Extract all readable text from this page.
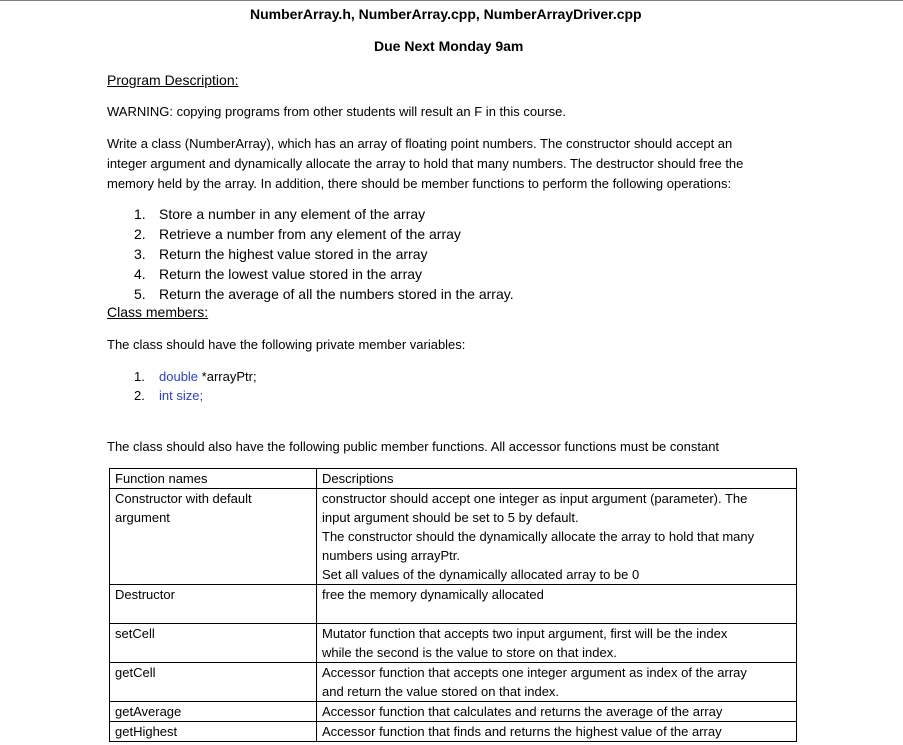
NumberArray.h, NumberArray.cpp, NumberArrayDriver.cpp
Due Next Monday 9am
Program Description:
WARNING: copying programs from other students will result an F in this course.
Write a class (NumberArray), which has an array of floating point numbers. The constructor should accept an
integer argument and dynamically allocate the array to hold that many numbers. The destructor should free the
memory held by the array. In addition, there should be member functions to perform the following operations:
1. Store a number in any element of the array
2. Retrieve a number from any element of the array
3. Return the highest value stored in the array
4. Return the lowest value stored in the array
5. Return the average of all the numbers stored in the array.
Class members:
The class should have the following private member variables:
1. double *arrayPtr;
2. int size;
The class should also have the following public member functions. All accessor functions must be constant
Function names	Descriptions

Constructor with default
argument	constructor should accept one integer as input argument (parameter). The
input argument should be set to 5 by default.
The constructor should the dynamically allocate the array to hold that many
numbers using arrayPtr.
Set all values of the dynamically allocated array to be 0

Destructor	free the memory dynamically allocated

setCell	Mutator function that accepts two input argument, first will be the index
while the second is the value to store on that index.

getCell	Accessor function that accepts one integer argument as index of the array
and return the value stored on that index.

getAverage	Accessor function that calculates and returns the average of the array

getHighest	Accessor function that finds and returns the highest value of the array
